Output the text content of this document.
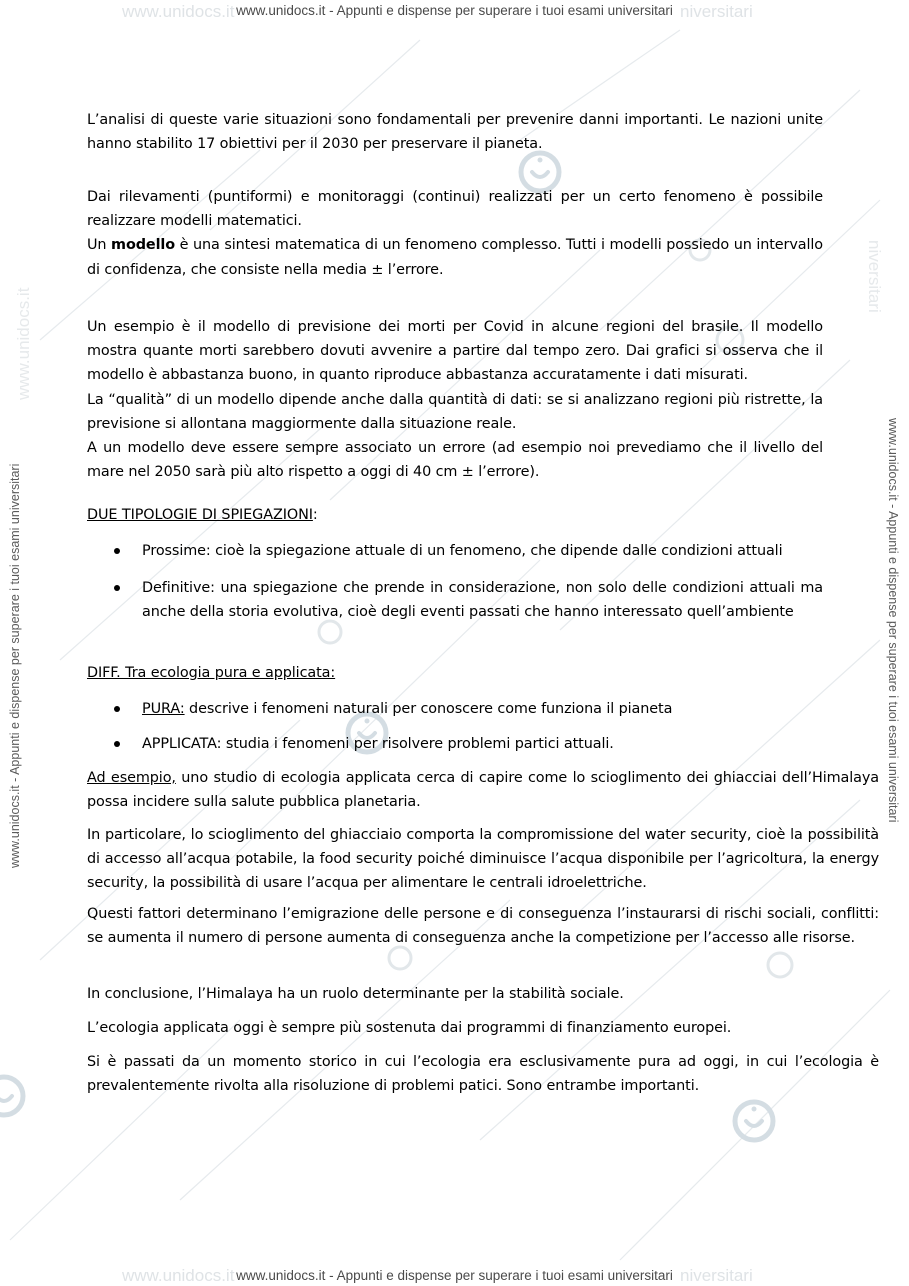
www.unidocs.it	niversitari
www.unidocs.it	niversitari
www.unidocs.it - Appunti e dispense per superare i tuoi esami universitari
www.unidocs.it - Appunti e dispense per superare i tuoi esami universitari
www.unidocs.it - Appunti e dispense per superare i tuoi esami universitari	www.unidocs.it - Appunti e dispense per superare i tuoi esami universitari
www.unidocs.it
niversitari

L’analisi di queste varie situazioni sono fondamentali per prevenire danni importanti. Le nazioni unite hanno stabilito 17 obiettivi per il 2030 per preservare il pianeta.

Dai rilevamenti (puntiformi) e monitoraggi (continui) realizzati per un certo fenomeno è possibile realizzare modelli matematici.

Un modello è una sintesi matematica di un fenomeno complesso. Tutti i modelli possiedo un intervallo di confidenza, che consiste nella media ± l’errore.

Un esempio è il modello di previsione dei morti per Covid in alcune regioni del brasile. Il modello mostra quante morti sarebbero dovuti avvenire a partire dal tempo zero. Dai grafici si osserva che il modello è abbastanza buono, in quanto riproduce abbastanza accuratamente i dati misurati.

La “qualità” di un modello dipende anche dalla quantità di dati: se si analizzano regioni più ristrette, la previsione si allontana maggiormente dalla situazione reale.

A un modello deve essere sempre associato un errore (ad esempio noi prevediamo che il livello del mare nel 2050 sarà più alto rispetto a oggi di 40 cm ± l’errore).

DUE TIPOLOGIE DI SPIEGAZIONI:

Prossime: cioè la spiegazione attuale di un fenomeno, che dipende dalle condizioni attuali
Definitive: una spiegazione che prende in considerazione, non solo delle condizioni attuali ma anche della storia evolutiva, cioè degli eventi passati che hanno interessato quell’ambiente

DIFF. Tra ecologia pura e applicata:

PURA: descrive i fenomeni naturali per conoscere come funziona il pianeta
APPLICATA: studia i fenomeni per risolvere problemi partici attuali.

Ad esempio, uno studio di ecologia applicata cerca di capire come lo scioglimento dei ghiacciai dell’Himalaya possa incidere sulla salute pubblica planetaria.

In particolare, lo scioglimento del ghiacciaio comporta la compromissione del water security, cioè la possibilità di accesso all’acqua potabile, la food security poiché diminuisce l’acqua disponibile per l’agricoltura, la energy security, la possibilità di usare l’acqua per alimentare le centrali idroelettriche.

Questi fattori determinano l’emigrazione delle persone e di conseguenza l’instaurarsi di rischi sociali, conflitti: se aumenta il numero di persone aumenta di conseguenza anche la competizione per l’accesso alle risorse.

In conclusione, l’Himalaya ha un ruolo determinante per la stabilità sociale.

L’ecologia applicata oggi è sempre più sostenuta dai programmi di finanziamento europei.

Si è passati da un momento storico in cui l’ecologia era esclusivamente pura ad oggi, in cui l’ecologia è prevalentemente rivolta alla risoluzione di problemi patici. Sono entrambe importanti.
